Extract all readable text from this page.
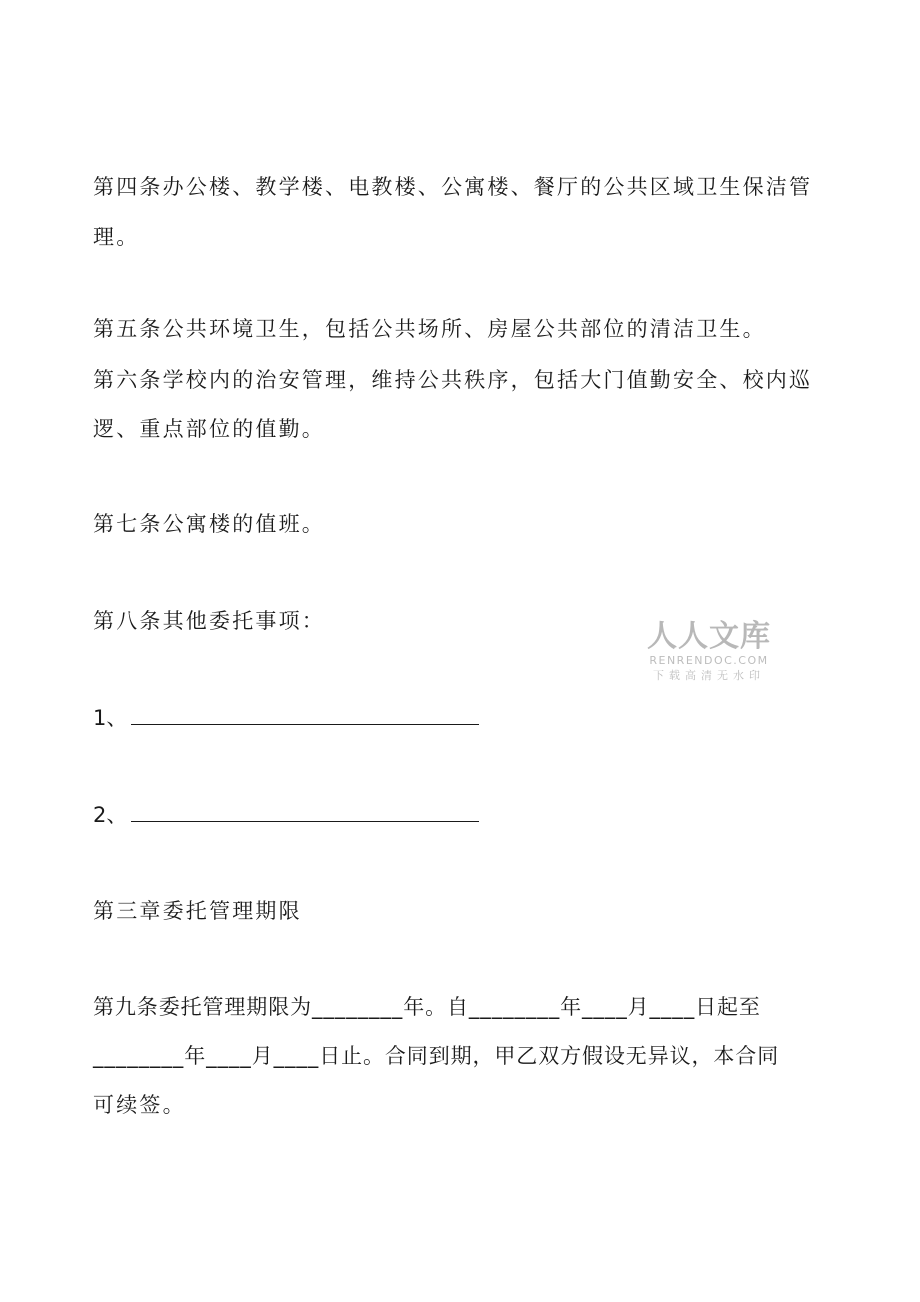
第四条办公楼、教学楼、电教楼、公寓楼、餐厅的公共区域卫生保洁管
理。
第五条公共环境卫生，包括公共场所、房屋公共部位的清洁卫生。
第六条学校内的治安管理，维持公共秩序，包括大门值勤安全、校内巡
逻、重点部位的值勤。
第七条公寓楼的值班。
第八条其他委托事项：
1、
2、
第三章委托管理期限
第九条委托管理期限为________年。自________年____月____日起至
________年____月____日止。合同到期，甲乙双方假设无异议，本合同
可续签。
人人文库
RENRENDOC.COM
下载高清无水印
